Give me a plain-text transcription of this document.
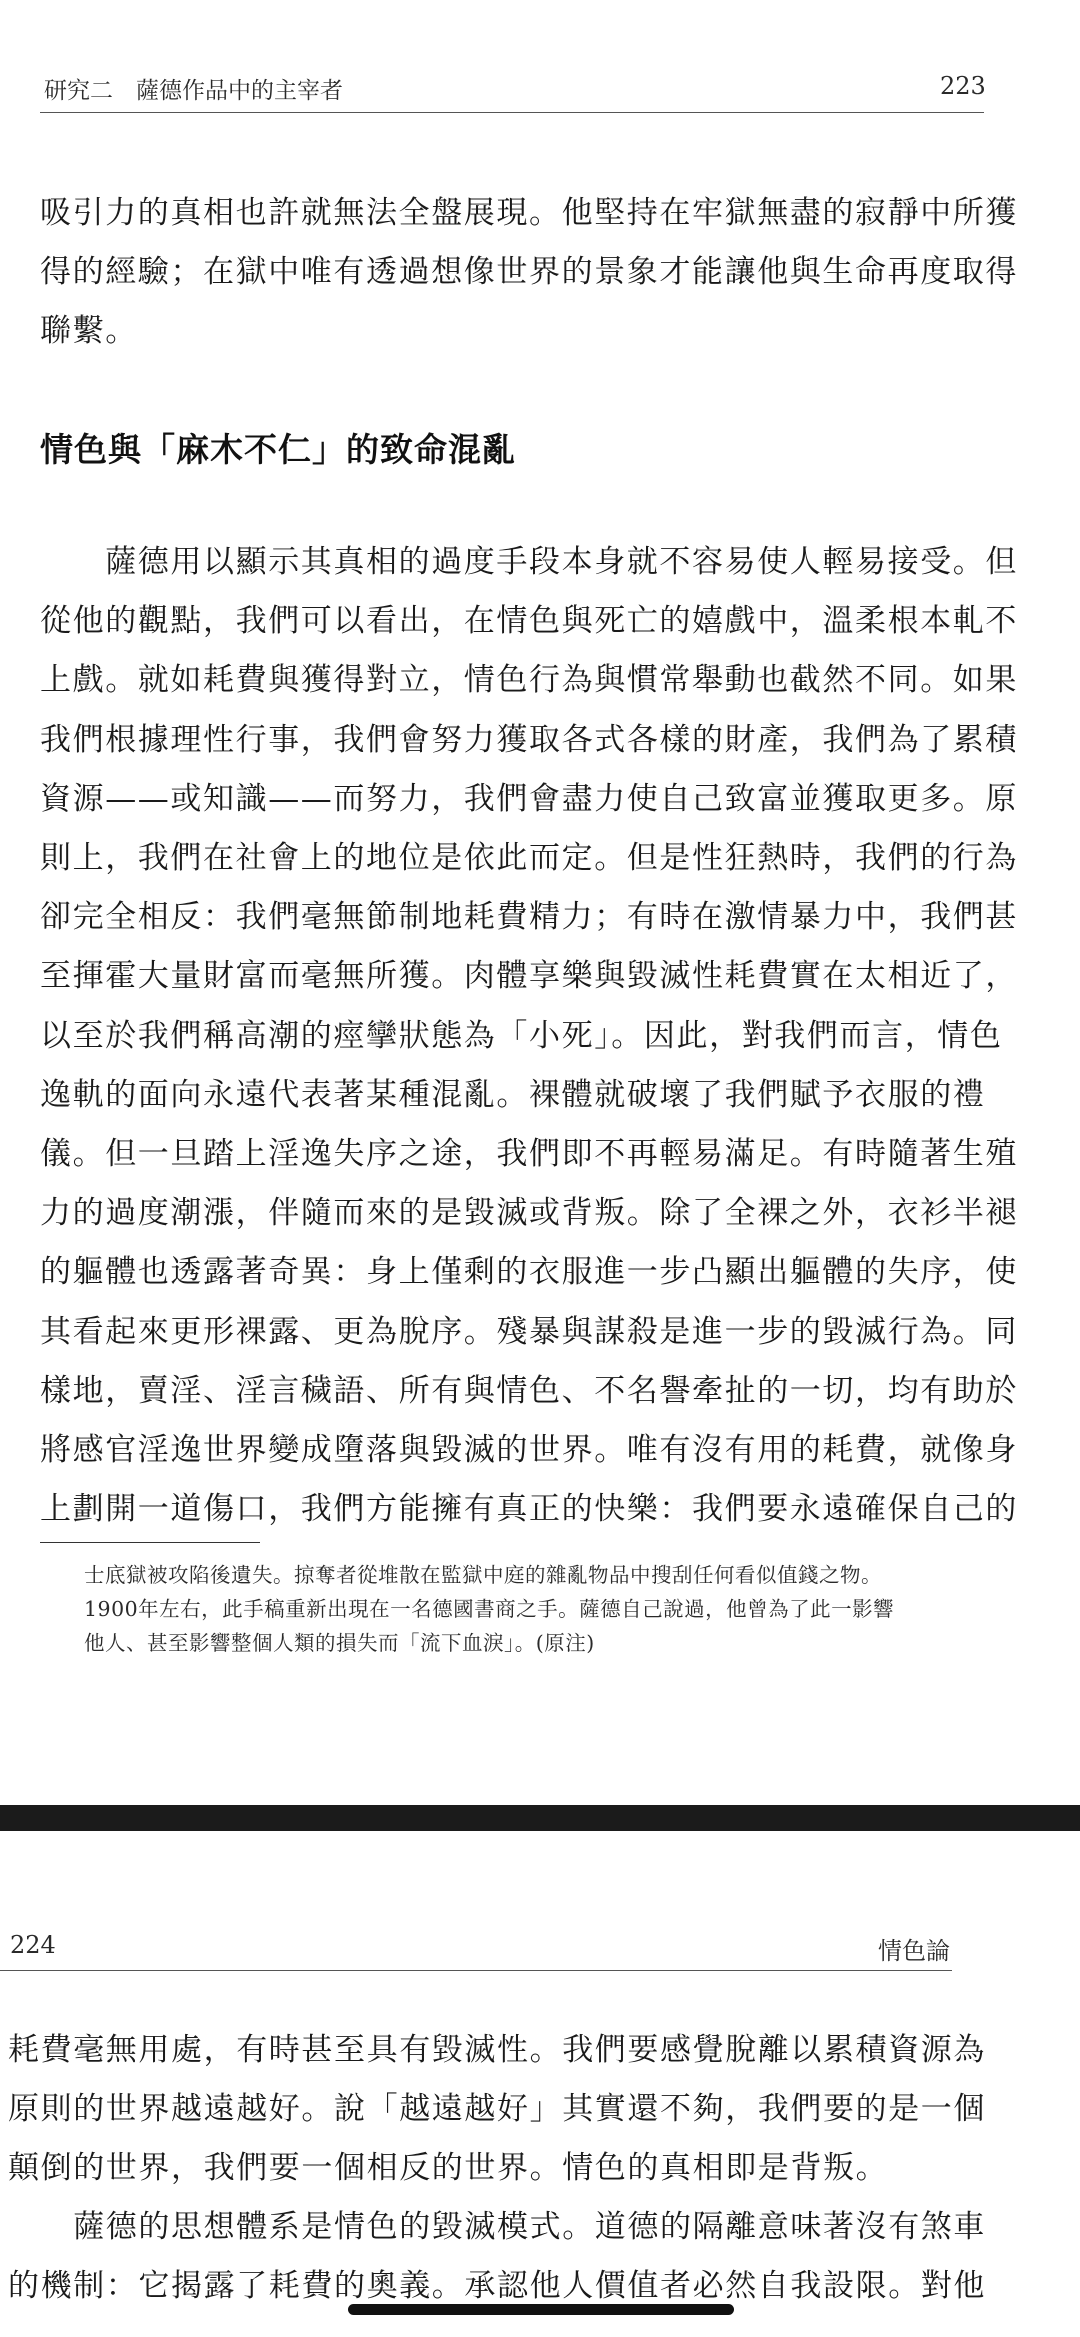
研究二　薩德作品中的主宰者	223
吸引力的真相也許就無法全盤展現。他堅持在牢獄無盡的寂靜中所獲
得的經驗；在獄中唯有透過想像世界的景象才能讓他與生命再度取得
聯繫。
情色與「麻木不仁」的致命混亂
　　薩德用以顯示其真相的過度手段本身就不容易使人輕易接受。但
從他的觀點，我們可以看出，在情色與死亡的嬉戲中，溫柔根本軋不
上戲。就如耗費與獲得對立，情色行為與慣常舉動也截然不同。如果
我們根據理性行事，我們會努力獲取各式各樣的財產，我們為了累積
資源——或知識——而努力，我們會盡力使自己致富並獲取更多。原
則上，我們在社會上的地位是依此而定。但是性狂熱時，我們的行為
卻完全相反：我們毫無節制地耗費精力；有時在激情暴力中，我們甚
至揮霍大量財富而毫無所獲。肉體享樂與毀滅性耗費實在太相近了，
以至於我們稱高潮的痙攣狀態為「小死」。因此，對我們而言，情色
逸軌的面向永遠代表著某種混亂。裸體就破壞了我們賦予衣服的禮
儀。但一旦踏上淫逸失序之途，我們即不再輕易滿足。有時隨著生殖
力的過度潮漲，伴隨而來的是毀滅或背叛。除了全裸之外，衣衫半褪
的軀體也透露著奇異：身上僅剩的衣服進一步凸顯出軀體的失序，使
其看起來更形裸露、更為脫序。殘暴與謀殺是進一步的毀滅行為。同
樣地，賣淫、淫言穢語、所有與情色、不名譽牽扯的一切，均有助於
將感官淫逸世界變成墮落與毀滅的世界。唯有沒有用的耗費，就像身
上劃開一道傷口，我們方能擁有真正的快樂：我們要永遠確保自己的
士底獄被攻陷後遺失。掠奪者從堆散在監獄中庭的雜亂物品中搜刮任何看似值錢之物。
1900年左右，此手稿重新出現在一名德國書商之手。薩德自己說過，他曾為了此一影響
他人、甚至影響整個人類的損失而「流下血淚」。(原注)
224	情色論
耗費毫無用處，有時甚至具有毀滅性。我們要感覺脫離以累積資源為
原則的世界越遠越好。說「越遠越好」其實還不夠，我們要的是一個
顛倒的世界，我們要一個相反的世界。情色的真相即是背叛。
　　薩德的思想體系是情色的毀滅模式。道德的隔離意味著沒有煞車
的機制：它揭露了耗費的奧義。承認他人價值者必然自我設限。對他
